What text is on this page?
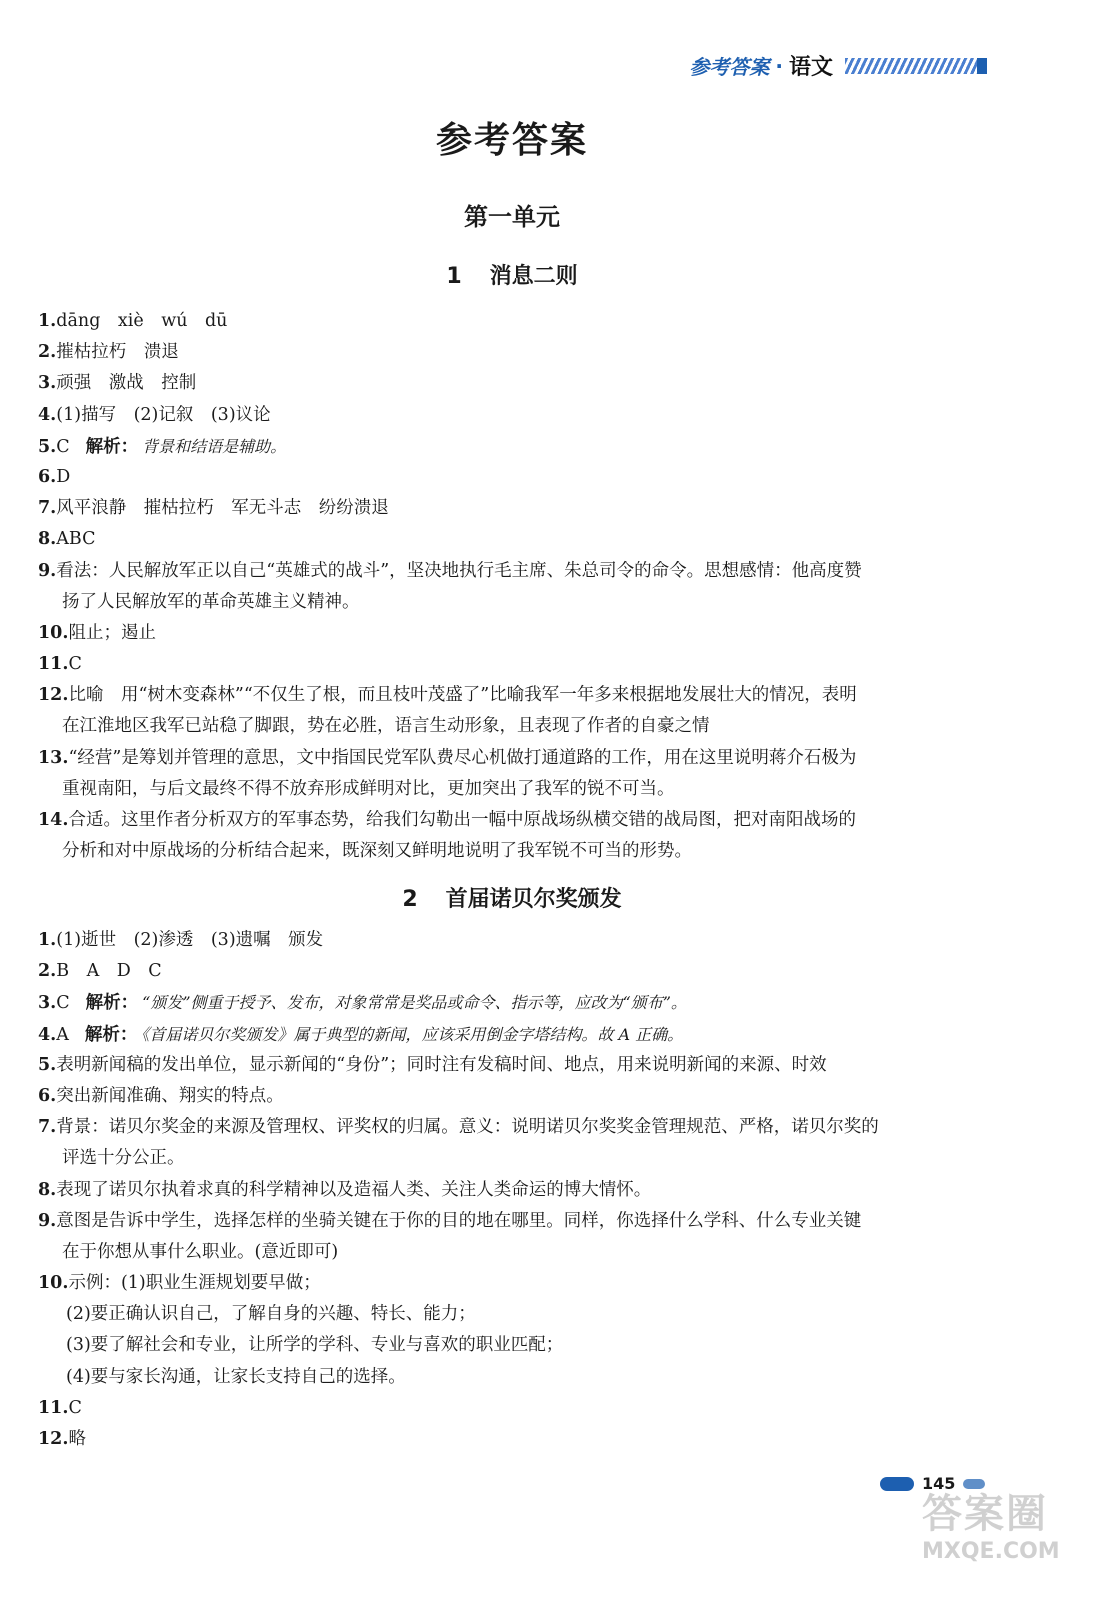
参考答案 · 语文
参考答案
第一单元
1 消息二则
1.dāng　xiè　wú　dū
2.摧枯拉朽　溃退
3.顽强　激战　控制
4.(1)描写　(2)记叙　(3)议论
5.C 解析： 背景和结语是辅助。
6.D
7.风平浪静　摧枯拉朽　军无斗志　纷纷溃退
8.ABC
9.看法：人民解放军正以自己“英雄式的战斗”，坚决地执行毛主席、朱总司令的命令。思想感情：他高度赞
扬了人民解放军的革命英雄主义精神。
10.阻止；遏止
11.C
12.比喻　用“树木变森林”“不仅生了根，而且枝叶茂盛了”比喻我军一年多来根据地发展壮大的情况，表明
在江淮地区我军已站稳了脚跟，势在必胜，语言生动形象，且表现了作者的自豪之情
13.“经营”是筹划并管理的意思，文中指国民党军队费尽心机做打通道路的工作，用在这里说明蒋介石极为
重视南阳，与后文最终不得不放弃形成鲜明对比，更加突出了我军的锐不可当。
14.合适。这里作者分析双方的军事态势，给我们勾勒出一幅中原战场纵横交错的战局图，把对南阳战场的
分析和对中原战场的分析结合起来，既深刻又鲜明地说明了我军锐不可当的形势。
2 首届诺贝尔奖颁发
1.(1)逝世　(2)渗透　(3)遗嘱　颁发
2.B　A　D　C
3.C 解析： “颁发”侧重于授予、发布，对象常常是奖品或命令、指示等，应改为“颁布”。
4.A 解析： 《首届诺贝尔奖颁发》属于典型的新闻，应该采用倒金字塔结构。故 A 正确。
5.表明新闻稿的发出单位，显示新闻的“身份”；同时注有发稿时间、地点，用来说明新闻的来源、时效
6.突出新闻准确、翔实的特点。
7.背景：诺贝尔奖金的来源及管理权、评奖权的归属。意义：说明诺贝尔奖奖金管理规范、严格，诺贝尔奖的
评选十分公正。
8.表现了诺贝尔执着求真的科学精神以及造福人类、关注人类命运的博大情怀。
9.意图是告诉中学生，选择怎样的坐骑关键在于你的目的地在哪里。同样，你选择什么学科、什么专业关键
在于你想从事什么职业。(意近即可)
10.示例：(1)职业生涯规划要早做；
(2)要正确认识自己，了解自身的兴趣、特长、能力；
(3)要了解社会和专业，让所学的学科、专业与喜欢的职业匹配；
(4)要与家长沟通，让家长支持自己的选择。
11.C
12.略
145
答案圈
MXQE.COM
